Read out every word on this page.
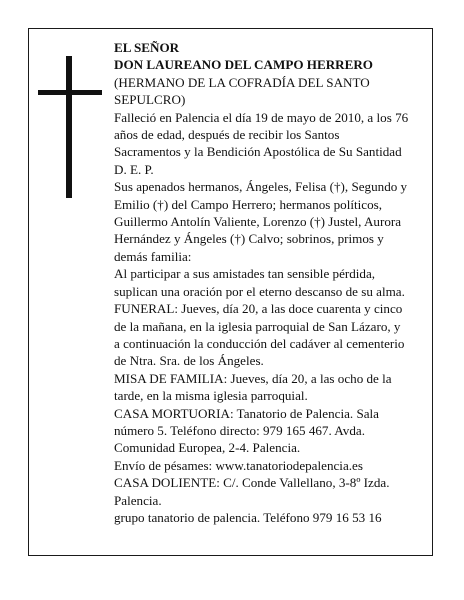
EL SEÑOR
DON LAUREANO DEL CAMPO HERRERO
(HERMANO DE LA COFRADÍA DEL SANTO
SEPULCRO)
Falleció en Palencia el día 19 de mayo de 2010, a los 76
años de edad, después de recibir los Santos
Sacramentos y la Bendición Apostólica de Su Santidad
D. E. P.
Sus apenados hermanos, Ángeles, Felisa (†), Segundo y
Emilio (†) del Campo Herrero; hermanos políticos,
Guillermo Antolín Valiente, Lorenzo (†) Justel, Aurora
Hernández y Ángeles (†) Calvo; sobrinos, primos y
demás familia:
Al participar a sus amistades tan sensible pérdida,
suplican una oración por el eterno descanso de su alma.
FUNERAL: Jueves, día 20, a las doce cuarenta y cinco
de la mañana, en la iglesia parroquial de San Lázaro, y
a continuación la conducción del cadáver al cementerio
de Ntra. Sra. de los Ángeles.
MISA DE FAMILIA: Jueves, día 20, a las ocho de la
tarde, en la misma iglesia parroquial.
CASA MORTUORIA: Tanatorio de Palencia. Sala
número 5. Teléfono directo: 979 165 467. Avda.
Comunidad Europea, 2-4. Palencia.
Envío de pésames: www.tanatoriodepalencia.es
CASA DOLIENTE: C/. Conde Vallellano, 3-8º Izda.
Palencia.
grupo tanatorio de palencia. Teléfono 979 16 53 16
